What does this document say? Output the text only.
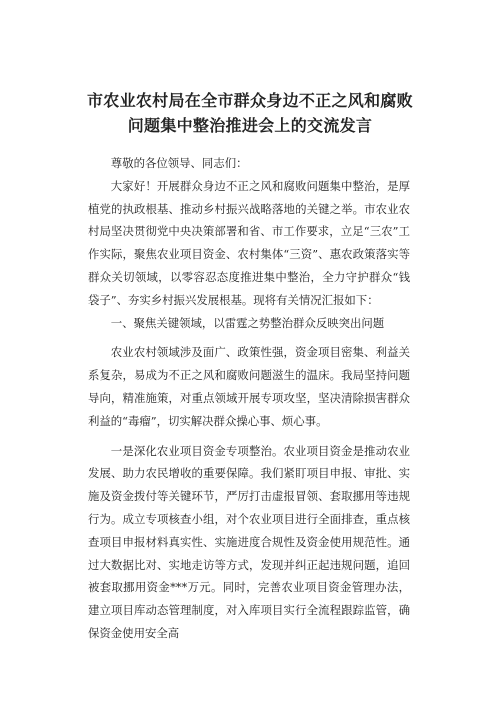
市农业农村局在全市群众身边不正之风和腐败
问题集中整治推进会上的交流发言

尊敬的各位领导、同志们：

大家好！开展群众身边不正之风和腐败问题集中整治，是厚植党的执政根基、推动乡村振兴战略落地的关键之举。市农业农村局坚决贯彻党中央决策部署和省、市工作要求，立足“三农”工作实际，聚焦农业项目资金、农村集体“三资”、惠农政策落实等群众关切领域，以零容忍态度推进集中整治，全力守护群众“钱袋子”、夯实乡村振兴发展根基。现将有关情况汇报如下：

一、聚焦关键领域，以雷霆之势整治群众反映突出问题

农业农村领域涉及面广、政策性强，资金项目密集、利益关系复杂，易成为不正之风和腐败问题滋生的温床。我局坚持问题导向，精准施策，对重点领域开展专项攻坚，坚决清除损害群众利益的“毒瘤”，切实解决群众操心事、烦心事。

一是深化农业项目资金专项整治。农业项目资金是推动农业发展、助力农民增收的重要保障。我们紧盯项目申报、审批、实施及资金拨付等关键环节，严厉打击虚报冒领、套取挪用等违规行为。成立专项核查小组，对个农业项目进行全面排查，重点核查项目申报材料真实性、实施进度合规性及资金使用规范性。通过大数据比对、实地走访等方式，发现并纠正起违规问题，追回被套取挪用资金***万元。同时，完善农业项目资金管理办法，建立项目库动态管理制度，对入库项目实行全流程跟踪监管，确保资金使用安全高
